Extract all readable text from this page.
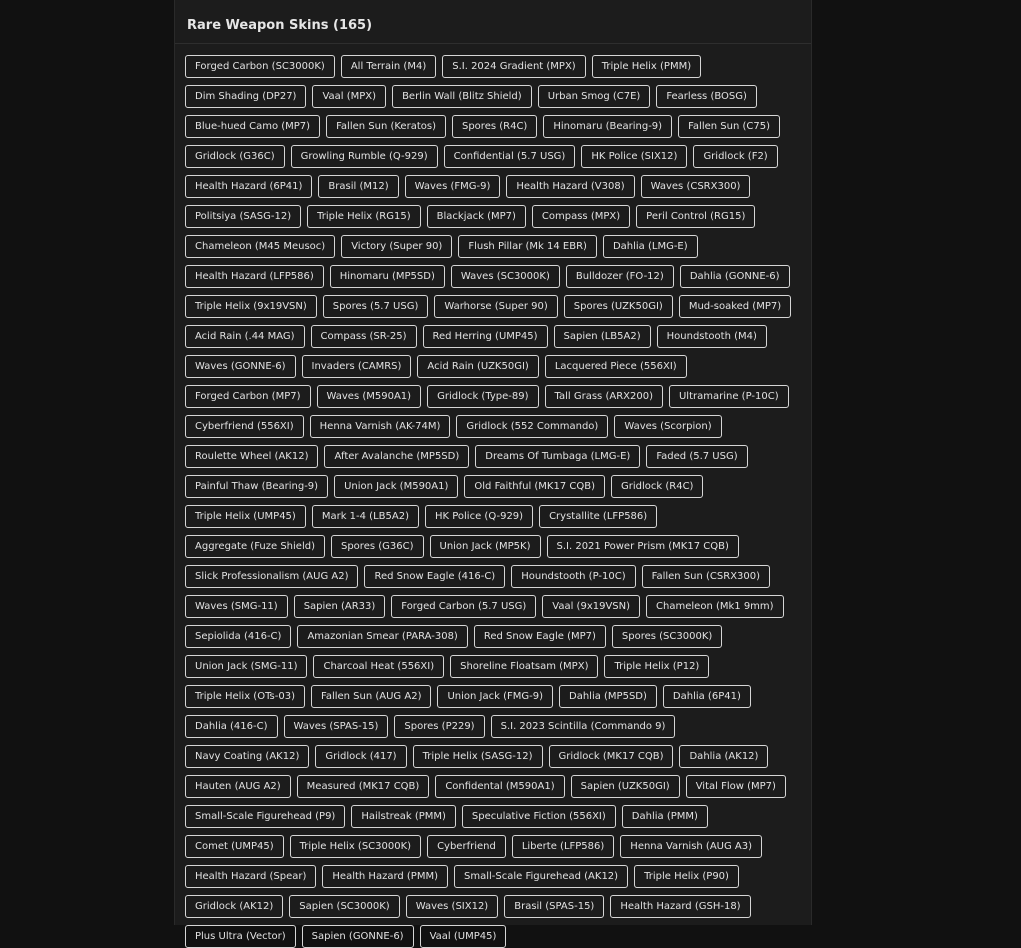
Rare Weapon Skins (165)
Forged Carbon (SC3000K)	All Terrain (M4)	S.I. 2024 Gradient (MPX)	Triple Helix (PMM)
Dim Shading (DP27)	Vaal (MPX)	Berlin Wall (Blitz Shield)	Urban Smog (C7E)	Fearless (BOSG)
Blue-hued Camo (MP7)	Fallen Sun (Keratos)	Spores (R4C)	Hinomaru (Bearing-9)	Fallen Sun (C75)
Gridlock (G36C)	Growling Rumble (Q-929)	Confidential (5.7 USG)	HK Police (SIX12)	Gridlock (F2)
Health Hazard (6P41)	Brasil (M12)	Waves (FMG-9)	Health Hazard (V308)	Waves (CSRX300)
Politsiya (SASG-12)	Triple Helix (RG15)	Blackjack (MP7)	Compass (MPX)	Peril Control (RG15)
Chameleon (M45 Meusoc)	Victory (Super 90)	Flush Pillar (Mk 14 EBR)	Dahlia (LMG-E)
Health Hazard (LFP586)	Hinomaru (MP5SD)	Waves (SC3000K)	Bulldozer (FO-12)	Dahlia (GONNE-6)
Triple Helix (9x19VSN)	Spores (5.7 USG)	Warhorse (Super 90)	Spores (UZK50GI)	Mud-soaked (MP7)
Acid Rain (.44 MAG)	Compass (SR-25)	Red Herring (UMP45)	Sapien (LB5A2)	Houndstooth (M4)
Waves (GONNE-6)	Invaders (CAMRS)	Acid Rain (UZK50GI)	Lacquered Piece (556XI)
Forged Carbon (MP7)	Waves (M590A1)	Gridlock (Type-89)	Tall Grass (ARX200)	Ultramarine (P-10C)
Cyberfriend (556XI)	Henna Varnish (AK-74M)	Gridlock (552 Commando)	Waves (Scorpion)
Roulette Wheel (AK12)	After Avalanche (MP5SD)	Dreams Of Tumbaga (LMG-E)	Faded (5.7 USG)
Painful Thaw (Bearing-9)	Union Jack (M590A1)	Old Faithful (MK17 CQB)	Gridlock (R4C)
Triple Helix (UMP45)	Mark 1-4 (LB5A2)	HK Police (Q-929)	Crystallite (LFP586)
Aggregate (Fuze Shield)	Spores (G36C)	Union Jack (MP5K)	S.I. 2021 Power Prism (MK17 CQB)
Slick Professionalism (AUG A2)	Red Snow Eagle (416-C)	Houndstooth (P-10C)	Fallen Sun (CSRX300)
Waves (SMG-11)	Sapien (AR33)	Forged Carbon (5.7 USG)	Vaal (9x19VSN)	Chameleon (Mk1 9mm)
Sepiolida (416-C)	Amazonian Smear (PARA-308)	Red Snow Eagle (MP7)	Spores (SC3000K)
Union Jack (SMG-11)	Charcoal Heat (556XI)	Shoreline Floatsam (MPX)	Triple Helix (P12)
Triple Helix (OTs-03)	Fallen Sun (AUG A2)	Union Jack (FMG-9)	Dahlia (MP5SD)	Dahlia (6P41)
Dahlia (416-C)	Waves (SPAS-15)	Spores (P229)	S.I. 2023 Scintilla (Commando 9)
Navy Coating (AK12)	Gridlock (417)	Triple Helix (SASG-12)	Gridlock (MK17 CQB)	Dahlia (AK12)
Hauten (AUG A2)	Measured (MK17 CQB)	Confidental (M590A1)	Sapien (UZK50GI)	Vital Flow (MP7)
Small-Scale Figurehead (P9)	Hailstreak (PMM)	Speculative Fiction (556XI)	Dahlia (PMM)
Comet (UMP45)	Triple Helix (SC3000K)	Cyberfriend	Liberte (LFP586)	Henna Varnish (AUG A3)
Health Hazard (Spear)	Health Hazard (PMM)	Small-Scale Figurehead (AK12)	Triple Helix (P90)
Gridlock (AK12)	Sapien (SC3000K)	Waves (SIX12)	Brasil (SPAS-15)	Health Hazard (GSH-18)
Plus Ultra (Vector)	Sapien (GONNE-6)	Vaal (UMP45)
